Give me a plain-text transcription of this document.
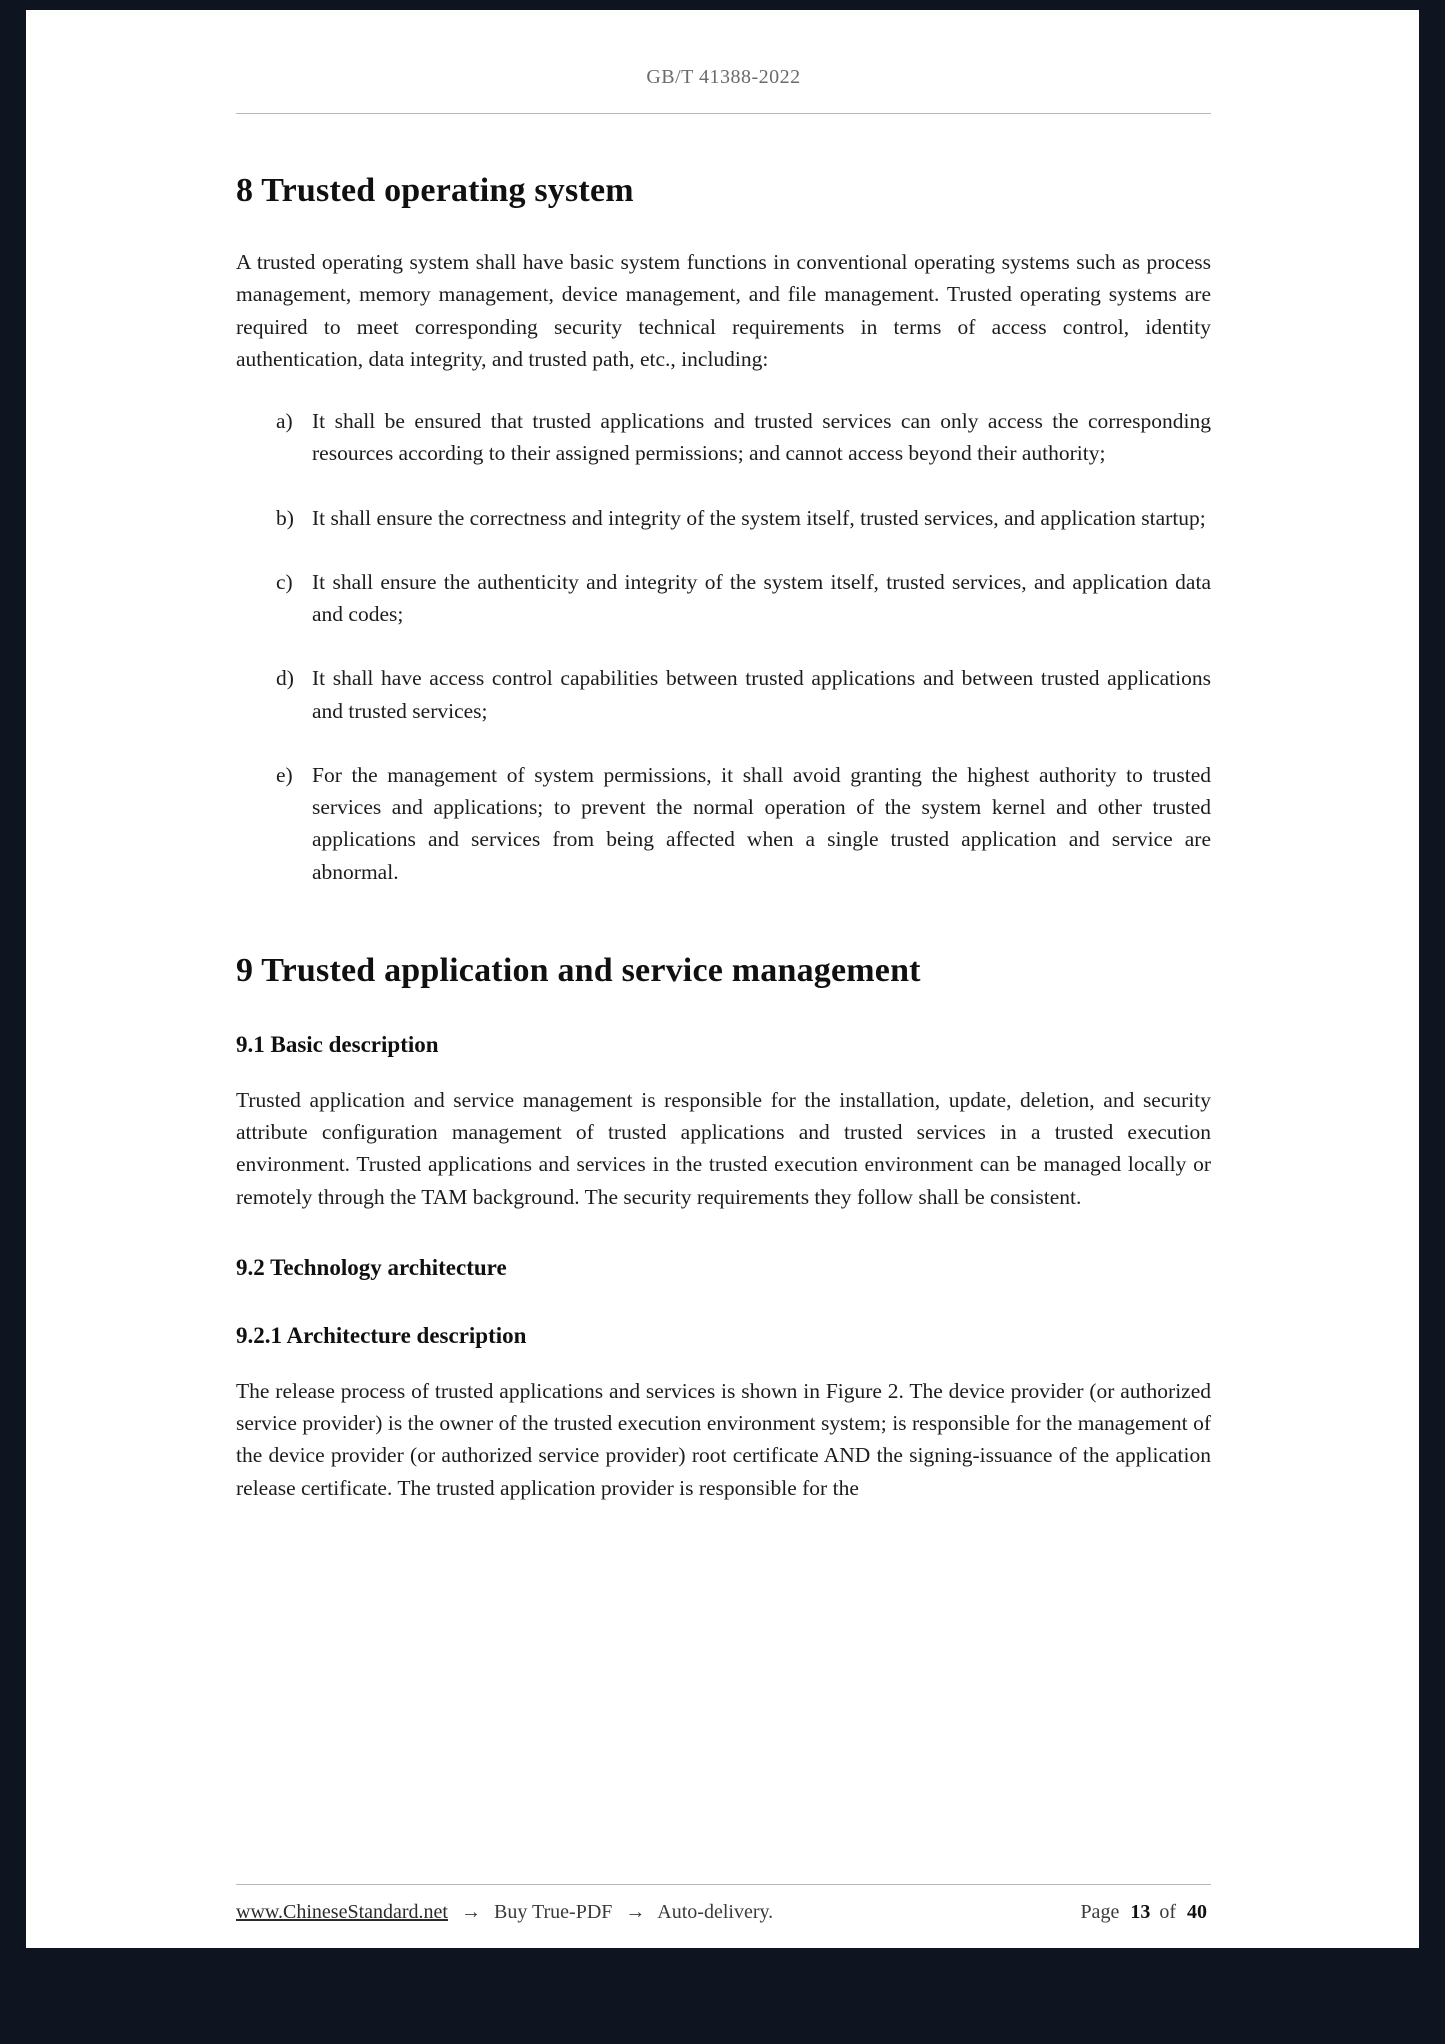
GB/T 41388-2022
8 Trusted operating system

A trusted operating system shall have basic system functions in conventional operating systems such as process management, memory management, device management, and file management. Trusted operating systems are required to meet corresponding security technical requirements in terms of access control, identity authentication, data integrity, and trusted path, etc., including:

a) It shall be ensured that trusted applications and trusted services can only access the corresponding resources according to their assigned permissions; and cannot access beyond their authority;
b) It shall ensure the correctness and integrity of the system itself, trusted services, and application startup;
c) It shall ensure the authenticity and integrity of the system itself, trusted services, and application data and codes;
d) It shall have access control capabilities between trusted applications and between trusted applications and trusted services;
e) For the management of system permissions, it shall avoid granting the highest authority to trusted services and applications; to prevent the normal operation of the system kernel and other trusted applications and services from being affected when a single trusted application and service are abnormal.
9 Trusted application and service management
9.1 Basic description

Trusted application and service management is responsible for the installation, update, deletion, and security attribute configuration management of trusted applications and trusted services in a trusted execution environment. Trusted applications and services in the trusted execution environment can be managed locally or remotely through the TAM background. The security requirements they follow shall be consistent.

9.2 Technology architecture
9.2.1 Architecture description

The release process of trusted applications and services is shown in Figure 2. The device provider (or authorized service provider) is the owner of the trusted execution environment system; is responsible for the management of the device provider (or authorized service provider) root certificate AND the signing-issuance of the application release certificate. The trusted application provider is responsible for the

www.ChineseStandard.net → Buy True-PDF → Auto-delivery.	Page 13 of 40
